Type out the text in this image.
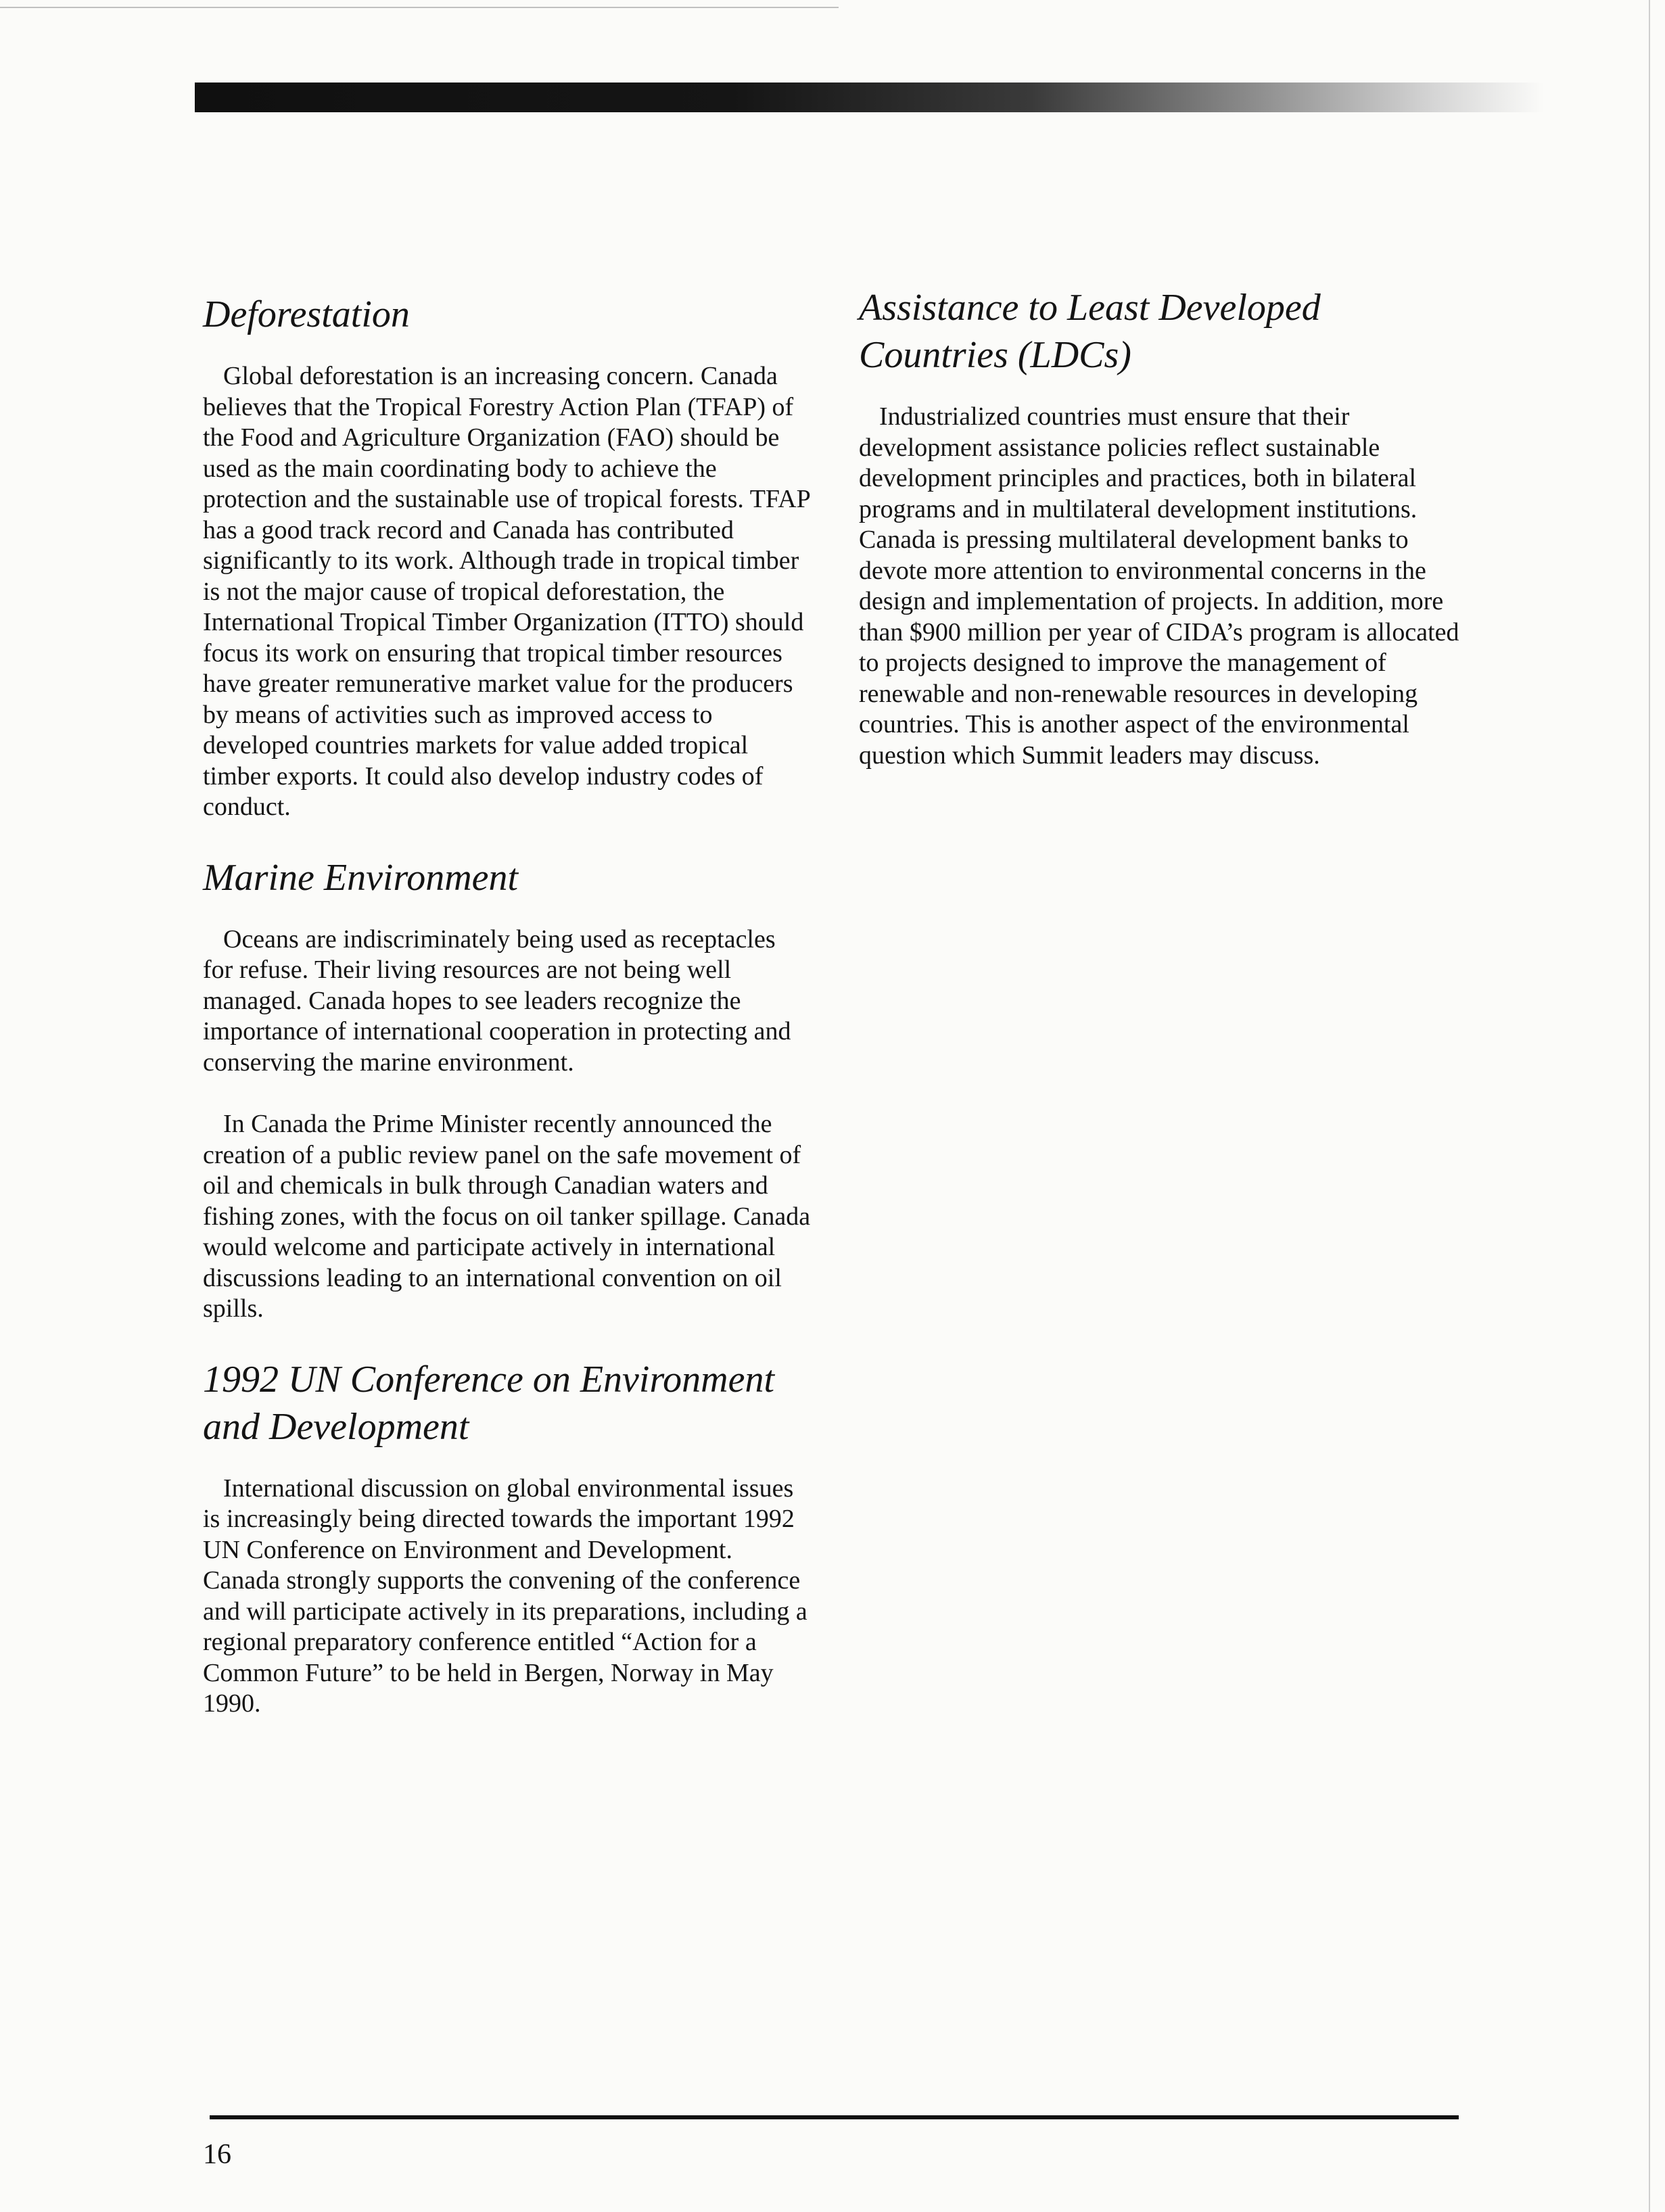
Deforestation

Global deforestation is an increasing concern. Canada believes that the Tropical Forestry Action Plan (TFAP) of the Food and Agriculture Organization (FAO) should be used as the main coordinating body to achieve the protection and the sustainable use of tropical forests. TFAP has a good track record and Canada has contributed significantly to its work. Although trade in tropical timber is not the major cause of tropical deforestation, the International Tropical Timber Organization (ITTO) should focus its work on ensuring that tropical timber resources have greater remunerative market value for the producers by means of activities such as improved access to developed countries markets for value added tropical timber exports. It could also develop industry codes of conduct.

Marine Environment

Oceans are indiscriminately being used as receptacles for refuse. Their living resources are not being well managed. Canada hopes to see leaders recognize the importance of international cooperation in protecting and conserving the marine environment.

In Canada the Prime Minister recently announced the creation of a public review panel on the safe movement of oil and chemicals in bulk through Canadian waters and fishing zones, with the focus on oil tanker spillage. Canada would welcome and participate actively in international discussions leading to an international convention on oil spills.

1992 UN Conference on Environment and Development

International discussion on global environmental issues is increasingly being directed towards the important 1992 UN Conference on Environment and Development. Canada strongly supports the convening of the conference and will participate actively in its preparations, including a regional preparatory conference entitled “Action for a Common Future” to be held in Bergen, Norway in May 1990.

Assistance to Least Developed Countries (LDCs)

Industrialized countries must ensure that their development assistance policies reflect sustainable development principles and practices, both in bilateral programs and in multilateral development institutions. Canada is pressing multilateral development banks to devote more attention to environmental concerns in the design and implementation of projects. In addition, more than $900 million per year of CIDA’s program is allocated to projects designed to improve the management of renewable and non-renewable resources in developing countries. This is another aspect of the environmental question which Summit leaders may discuss.

16
